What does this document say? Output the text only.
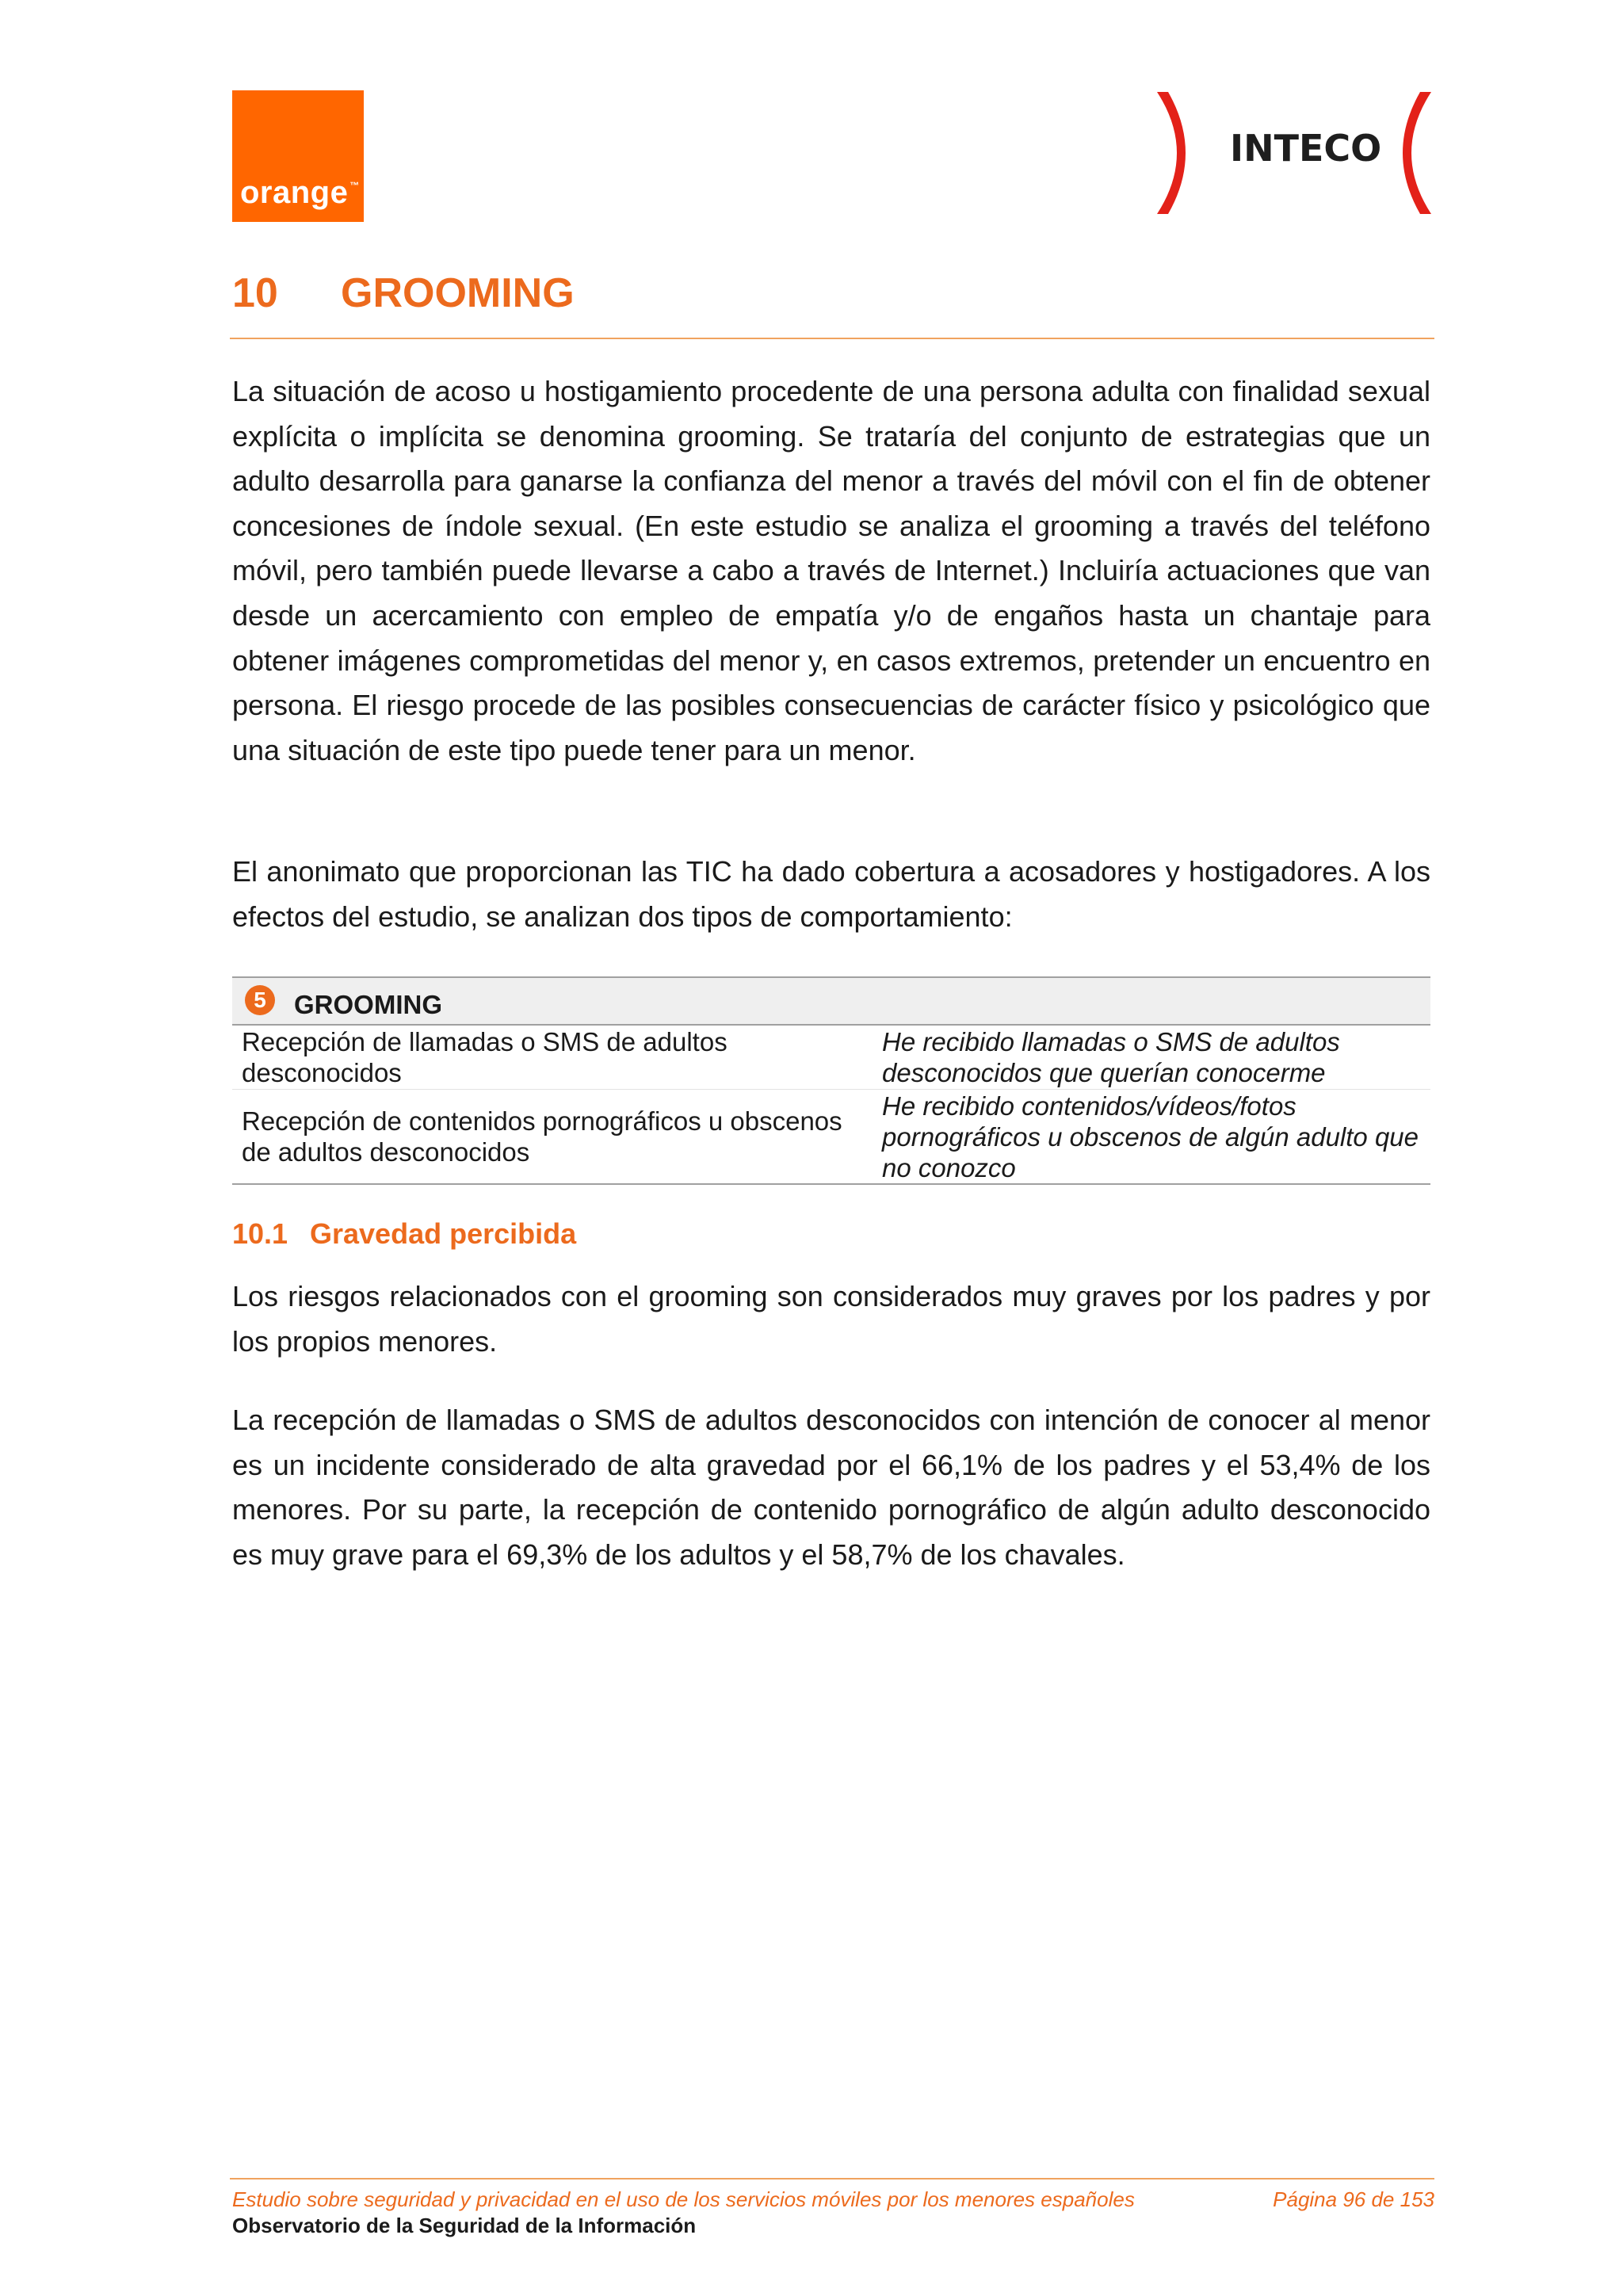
orange ™
INTECO
10 GROOMING
La situación de acoso u hostigamiento procedente de una persona adulta con finalidad sexual explícita o implícita se denomina grooming. Se trataría del conjunto de estrategias que un adulto desarrolla para ganarse la confianza del menor a través del móvil con el fin de obtener concesiones de índole sexual. (En este estudio se analiza el grooming a través del teléfono móvil, pero también puede llevarse a cabo a través de Internet.) Incluiría actuaciones que van desde un acercamiento con empleo de empatía y/o de engaños hasta un chantaje para obtener imágenes comprometidas del menor y, en casos extremos, pretender un encuentro en persona. El riesgo procede de las posibles consecuencias de carácter físico y psicológico que una situación de este tipo puede tener para un menor.
El anonimato que proporcionan las TIC ha dado cobertura a acosadores y hostigadores. A los efectos del estudio, se analizan dos tipos de comportamiento:
5	GROOMING
Recepción de llamadas o SMS de adultos desconocidos
He recibido llamadas o SMS de adultos desconocidos que querían conocerme
Recepción de contenidos pornográficos u obscenos de adultos desconocidos
He recibido contenidos/vídeos/fotos pornográficos u obscenos de algún adulto que no conozco
10.1 Gravedad percibida
Los riesgos relacionados con el grooming son considerados muy graves por los padres y por los propios menores.
La recepción de llamadas o SMS de adultos desconocidos con intención de conocer al menor es un incidente considerado de alta gravedad por el 66,1% de los padres y el 53,4% de los menores. Por su parte, la recepción de contenido pornográfico de algún adulto desconocido es muy grave para el 69,3% de los adultos y el 58,7% de los chavales.
Estudio sobre seguridad y privacidad en el uso de los servicios móviles por los menores españoles	Página 96 de 153
Observatorio de la Seguridad de la Información
